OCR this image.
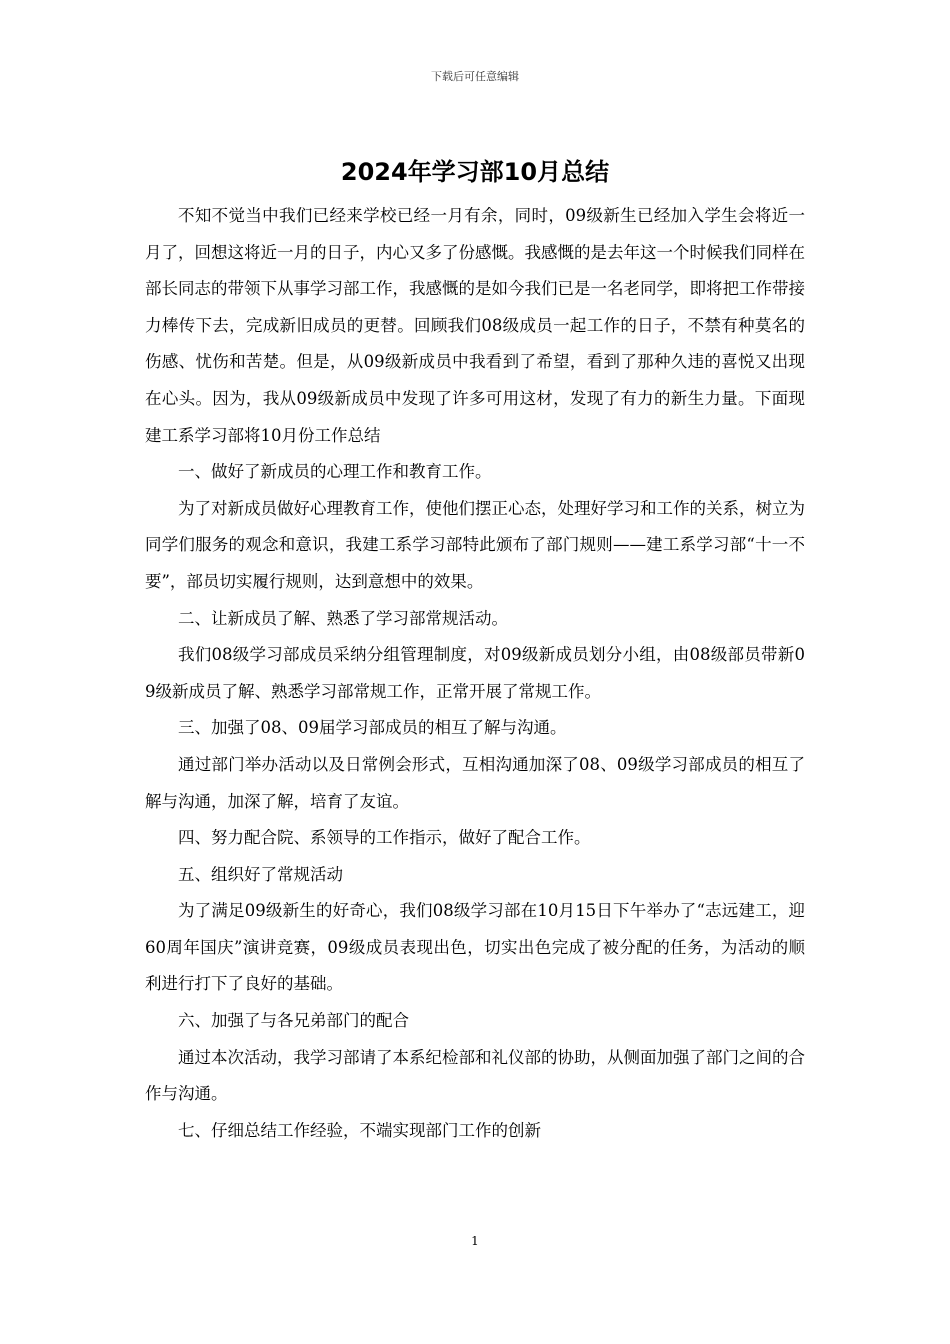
下载后可任意编辑
2024年学习部10月总结

不知不觉当中我们已经来学校已经一月有余，同时，09级新生已经加入学生会将近一月了，回想这将近一月的日子，内心又多了份感慨。我感慨的是去年这一个时候我们同样在部长同志的带领下从事学习部工作，我感慨的是如今我们已是一名老同学，即将把工作带接力棒传下去，完成新旧成员的更替。回顾我们08级成员一起工作的日子，不禁有种莫名的伤感、忧伤和苦楚。但是，从09级新成员中我看到了希望，看到了那种久违的喜悦又出现在心头。因为，我从09级新成员中发现了许多可用这材，发现了有力的新生力量。下面现建工系学习部将10月份工作总结

一、做好了新成员的心理工作和教育工作。

为了对新成员做好心理教育工作，使他们摆正心态，处理好学习和工作的关系，树立为同学们服务的观念和意识，我建工系学习部特此颁布了部门规则——建工系学习部“十一不要”，部员切实履行规则，达到意想中的效果。

二、让新成员了解、熟悉了学习部常规活动。

我们08级学习部成员采纳分组管理制度，对09级新成员划分小组，由08级部员带新09级新成员了解、熟悉学习部常规工作，正常开展了常规工作。

三、加强了08、09届学习部成员的相互了解与沟通。

通过部门举办活动以及日常例会形式，互相沟通加深了08、09级学习部成员的相互了解与沟通，加深了解，培育了友谊。

四、努力配合院、系领导的工作指示，做好了配合工作。

五、组织好了常规活动

为了满足09级新生的好奇心，我们08级学习部在10月15日下午举办了“志远建工，迎60周年国庆”演讲竞赛，09级成员表现出色，切实出色完成了被分配的任务，为活动的顺利进行打下了良好的基础。

六、加强了与各兄弟部门的配合

通过本次活动，我学习部请了本系纪检部和礼仪部的协助，从侧面加强了部门之间的合作与沟通。

七、仔细总结工作经验，不端实现部门工作的创新

1
